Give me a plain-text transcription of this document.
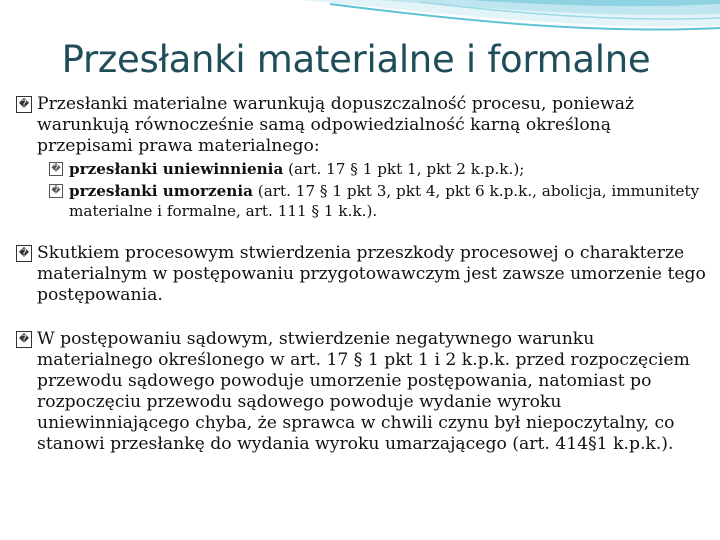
Przesłanki materialne i formalne
� Przesłanki materialne warunkują dopuszczalność procesu, ponieważ warunkują równocześnie samą odpowiedzialność karną określoną przepisami prawa materialnego:
� przesłanki uniewinnienia (art. 17 § 1 pkt 1, pkt 2 k.p.k.);
� przesłanki umorzenia (art. 17 § 1 pkt 3, pkt 4, pkt 6 k.p.k., abolicja, immunitety materialne i formalne, art. 111 § 1 k.k.).
� Skutkiem procesowym stwierdzenia przeszkody procesowej o charakterze materialnym w postępowaniu przygotowawczym jest zawsze umorzenie tego postępowania.
� W postępowaniu sądowym, stwierdzenie negatywnego warunku materialnego określonego w art. 17 § 1 pkt 1 i 2 k.p.k. przed rozpoczęciem przewodu sądowego powoduje umorzenie postępowania, natomiast po rozpoczęciu przewodu sądowego powoduje wydanie wyroku uniewinniającego chyba, że sprawca w chwili czynu był niepoczytalny, co stanowi przesłankę do wydania wyroku umarzającego (art. 414§1 k.p.k.).
